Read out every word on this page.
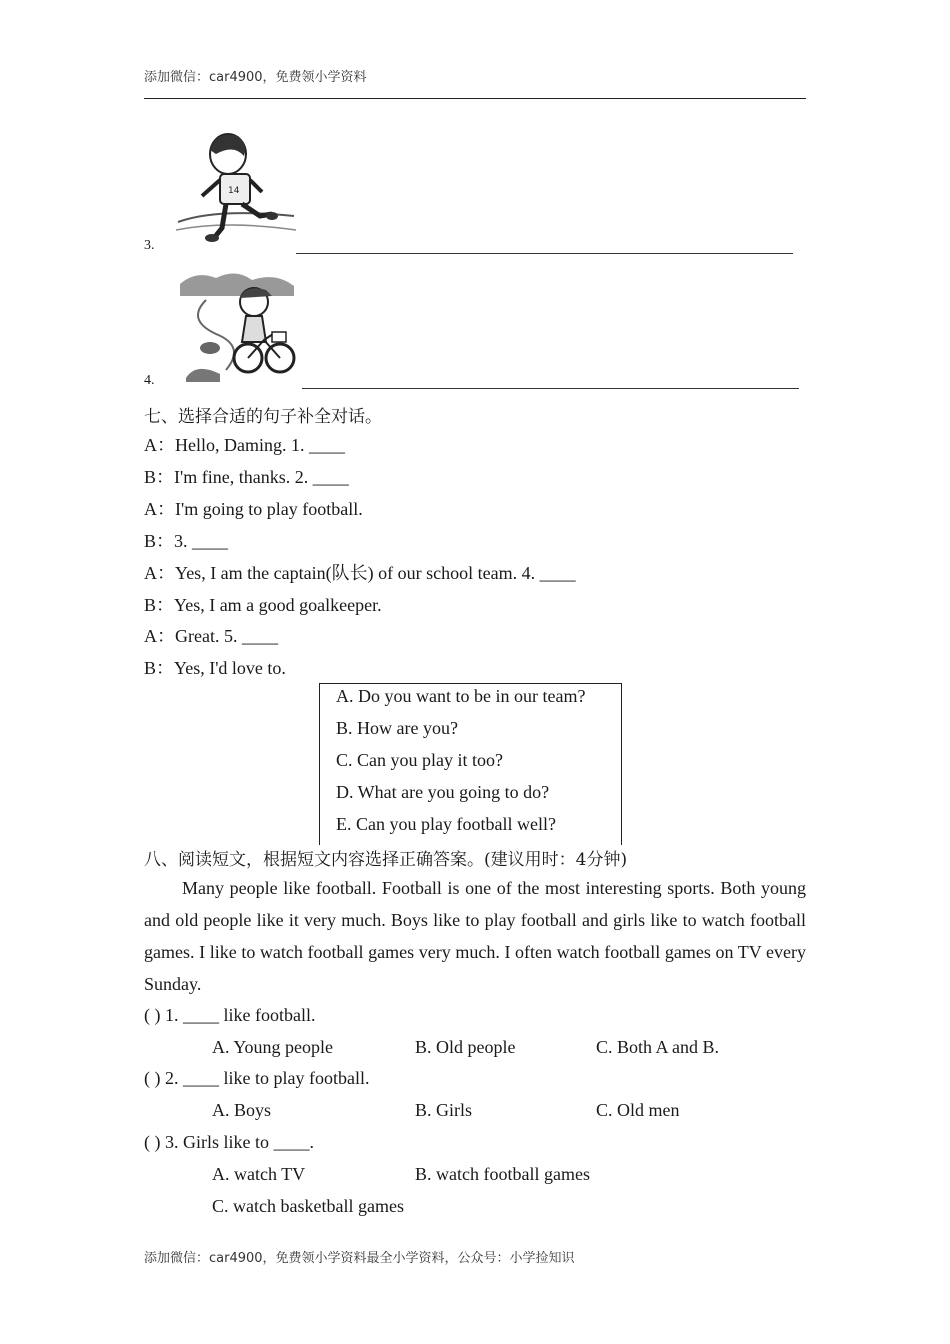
添加微信：car4900，免费领小学资料
14
3.
4.
七、选择合适的句子补全对话。
A：Hello, Daming. 1. ____
B：I'm fine, thanks. 2. ____
A：I'm going to play football.
B：3. ____
A：Yes, I am the captain(队长) of our school team. 4. ____
B：Yes, I am a good goalkeeper.
A：Great. 5. ____
B：Yes, I'd love to.
A. Do you want to be in our team?
B. How are you?
C. Can you play it too?
D. What are you going to do?
E. Can you play football well?
八、阅读短文，根据短文内容选择正确答案。(建议用时：4分钟)

Many people like football. Football is one of the most interesting sports. Both young and old people like it very much. Boys like to play football and girls like to watch football games. I like to watch football games very much. I often watch football games on TV every Sunday.

( ) 1. ____ like football.
A. Young people	B. Old people	C. Both A and B.
( ) 2. ____ like to play football.
A. Boys	B. Girls	C. Old men
( ) 3. Girls like to ____.
A. watch TV	B. watch football games
C. watch basketball games
添加微信：car4900，免费领小学资料最全小学资料，公众号：小学捡知识
